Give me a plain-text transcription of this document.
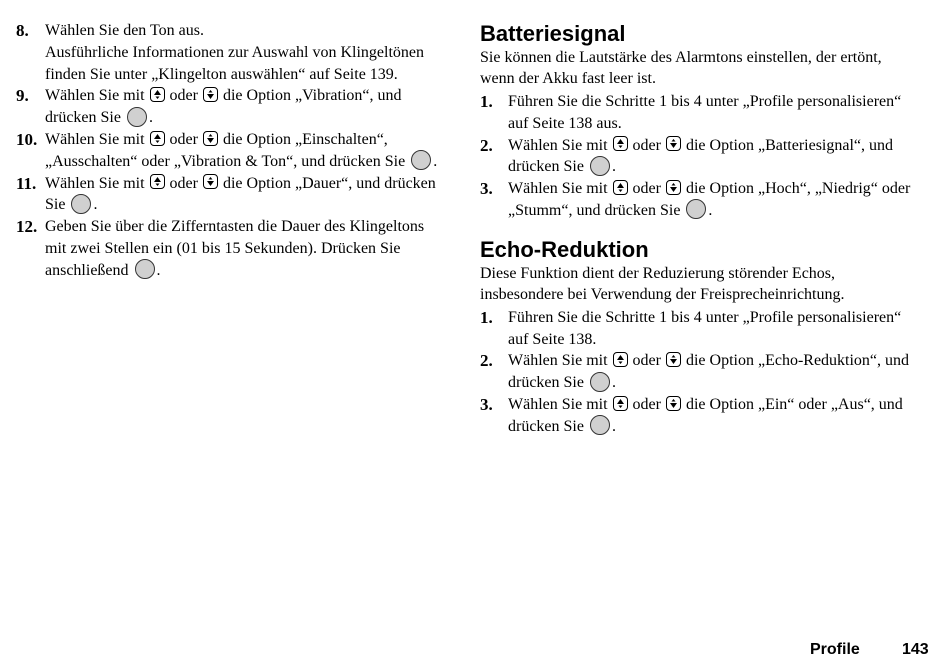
8.	Wählen Sie den Ton aus.
Ausführliche Informationen zur Auswahl von Klingeltönen finden Sie unter „Klingelton auswählen“ auf Seite 139.
9.	Wählen Sie mit oder die Option „Vibration“, und drücken Sie .
10. Wählen Sie mit oder die Option „Einschalten“, „Ausschalten“ oder „Vibration & Ton“, und drücken Sie .
11. Wählen Sie mit oder die Option „Dauer“, und drücken Sie .
12. Geben Sie über die Zifferntasten die Dauer des Klingeltons mit zwei Stellen ein (01 bis 15 Sekunden). Drücken Sie anschließend .
Batteriesignal
Sie können die Lautstärke des Alarmtons einstellen, der ertönt, wenn der Akku fast leer ist.
1. Führen Sie die Schritte 1 bis 4 unter „Profile personalisieren“ auf Seite 138 aus.
2. Wählen Sie mit oder die Option „Batteriesignal“, und drücken Sie .
3. Wählen Sie mit oder die Option „Hoch“, „Niedrig“ oder „Stumm“, und drücken Sie .
Echo-Reduktion
Diese Funktion dient der Reduzierung störender Echos, insbesondere bei Verwendung der Freisprecheinrichtung.
1. Führen Sie die Schritte 1 bis 4 unter „Profile personalisieren“ auf Seite 138.
2. Wählen Sie mit oder die Option „Echo-Reduktion“, und drücken Sie .
3. Wählen Sie mit oder die Option „Ein“ oder „Aus“, und drücken Sie .
Profile	143
